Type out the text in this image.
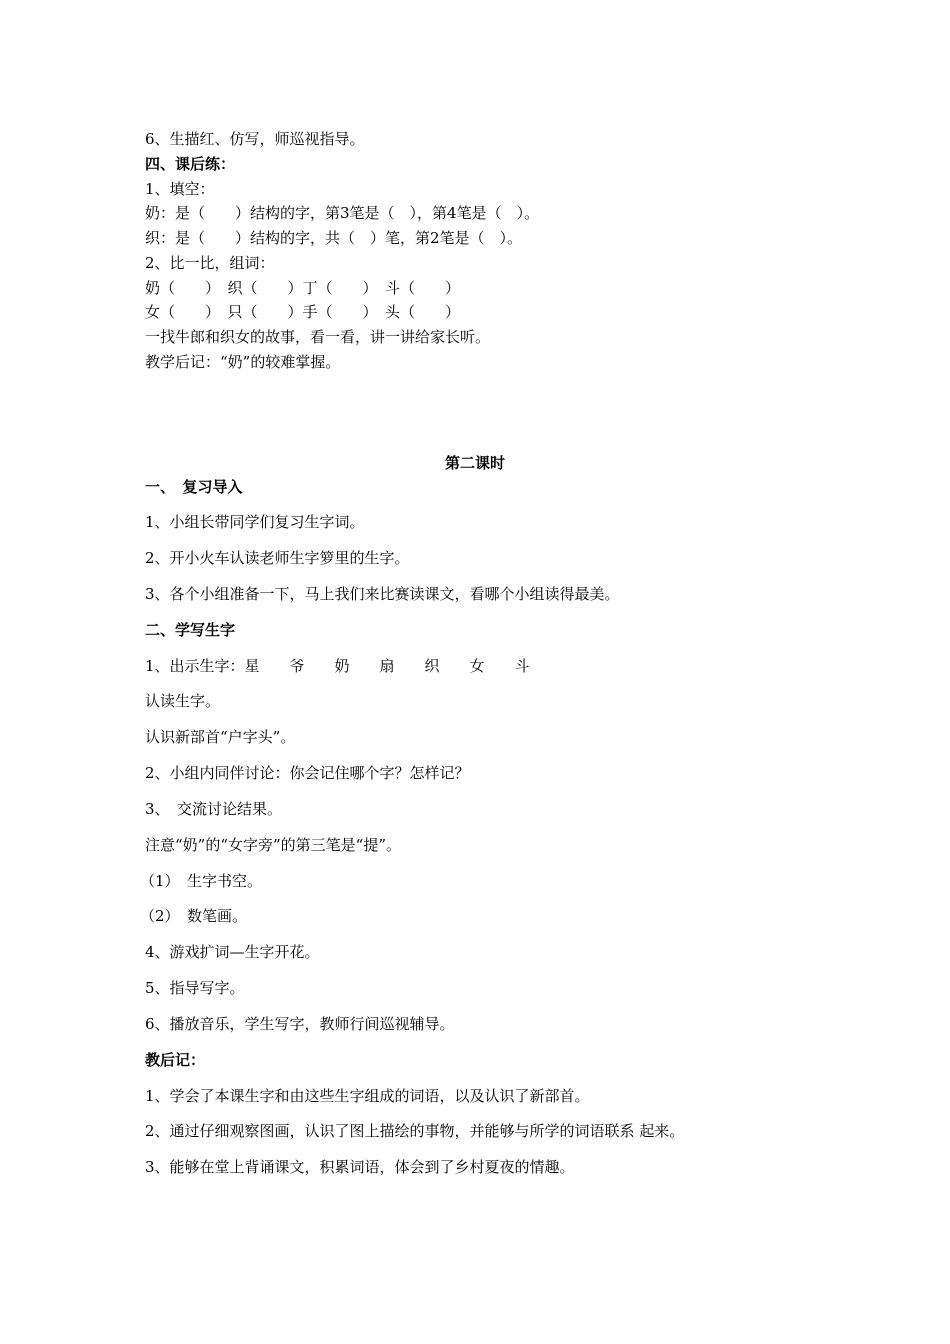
6、生描红、仿写，师巡视指导。
四、课后练：
1、填空：
奶：是（　　）结构的字，第3笔是（　），第4笔是（　）。
织：是（　　）结构的字，共（　）笔，第2笔是（　）。
2、比一比，组词：
奶（　　）　织（　　）丁（　　）　斗（　　）
女（　　）　只（　　）手（　　）　头（　　）
一找牛郎和织女的故事，看一看，讲一讲给家长听。
教学后记：“奶”的较难掌握。
第二课时
一、　复习导入
1、小组长带同学们复习生字词。
2、开小火车认读老师生字箩里的生字。
3、各个小组准备一下，马上我们来比赛读课文，看哪个小组读得最美。
二、学写生字
1、出示生字：星　　爷　　奶　　扇　　织　　女　　斗
认读生字。
认识新部首“户字头”。
2、小组内同伴讨论：你会记住哪个字？怎样记？
3、　交流讨论结果。
注意“奶”的“女字旁”的第三笔是“提”。
（1）　生字书空。
（2）　数笔画。
4、游戏扩词—生字开花。
5、指导写字。
6、播放音乐，学生写字，教师行间巡视辅导。
教后记：
1、学会了本课生字和由这些生字组成的词语，以及认识了新部首。
2、通过仔细观察图画，认识了图上描绘的事物，并能够与所学的词语联系 起来。
3、能够在堂上背诵课文，积累词语，体会到了乡村夏夜的情趣。
